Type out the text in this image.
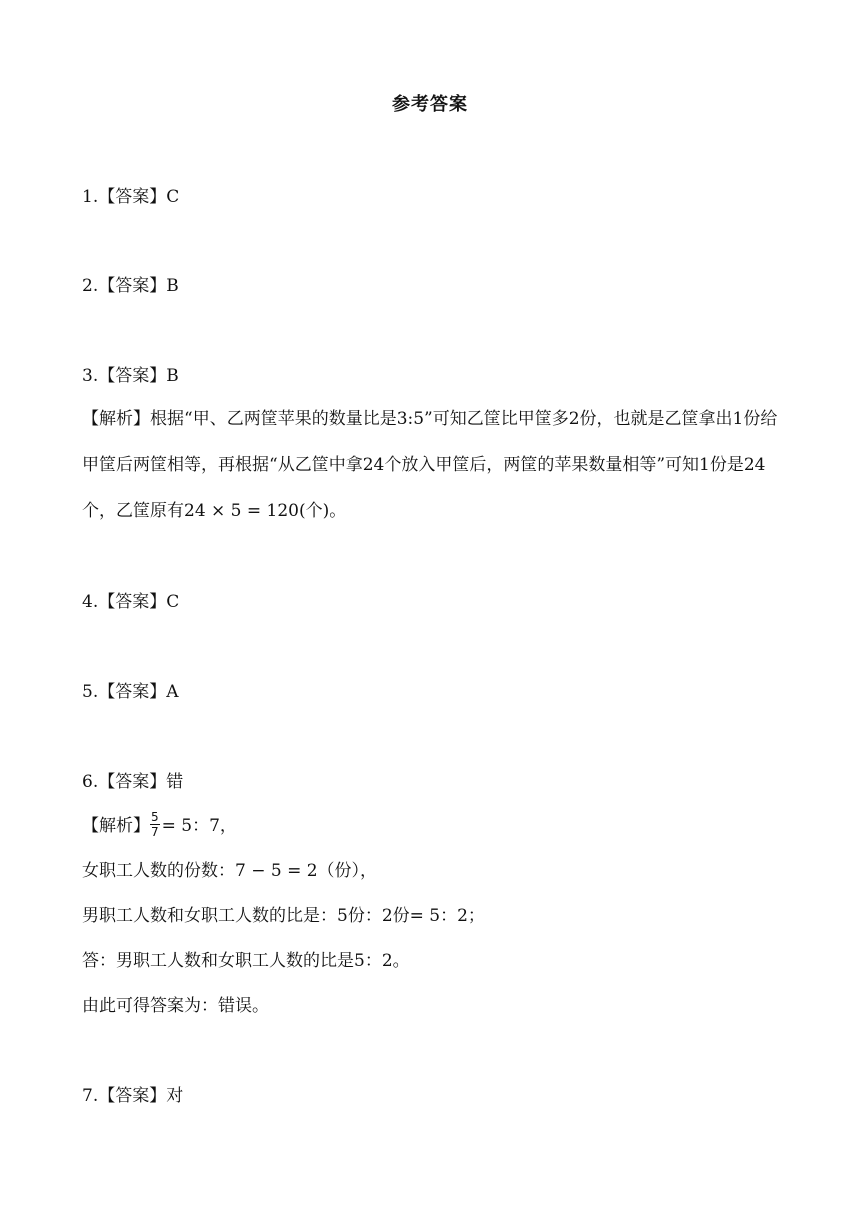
参考答案
1.【答案】C
2.【答案】B
3.【答案】B
【解析】根据“甲、乙两筐苹果的数量比是3:5”可知乙筐比甲筐多2份，也就是乙筐拿出1份给甲筐后两筐相等，再根据“从乙筐中拿24个放入甲筐后，两筐的苹果数量相等”可知1份是24个，乙筐原有24 × 5 = 120(个)。
4.【答案】C
5.【答案】A
6.【答案】错
【解析】 $\frac{5}{7} = 5$：7，
女职工人数的份数：7 − 5 = 2（份），
男职工人数和女职工人数的比是：5份：2份= 5：2；
答：男职工人数和女职工人数的比是5：2。
由此可得答案为：错误。
7.【答案】对
